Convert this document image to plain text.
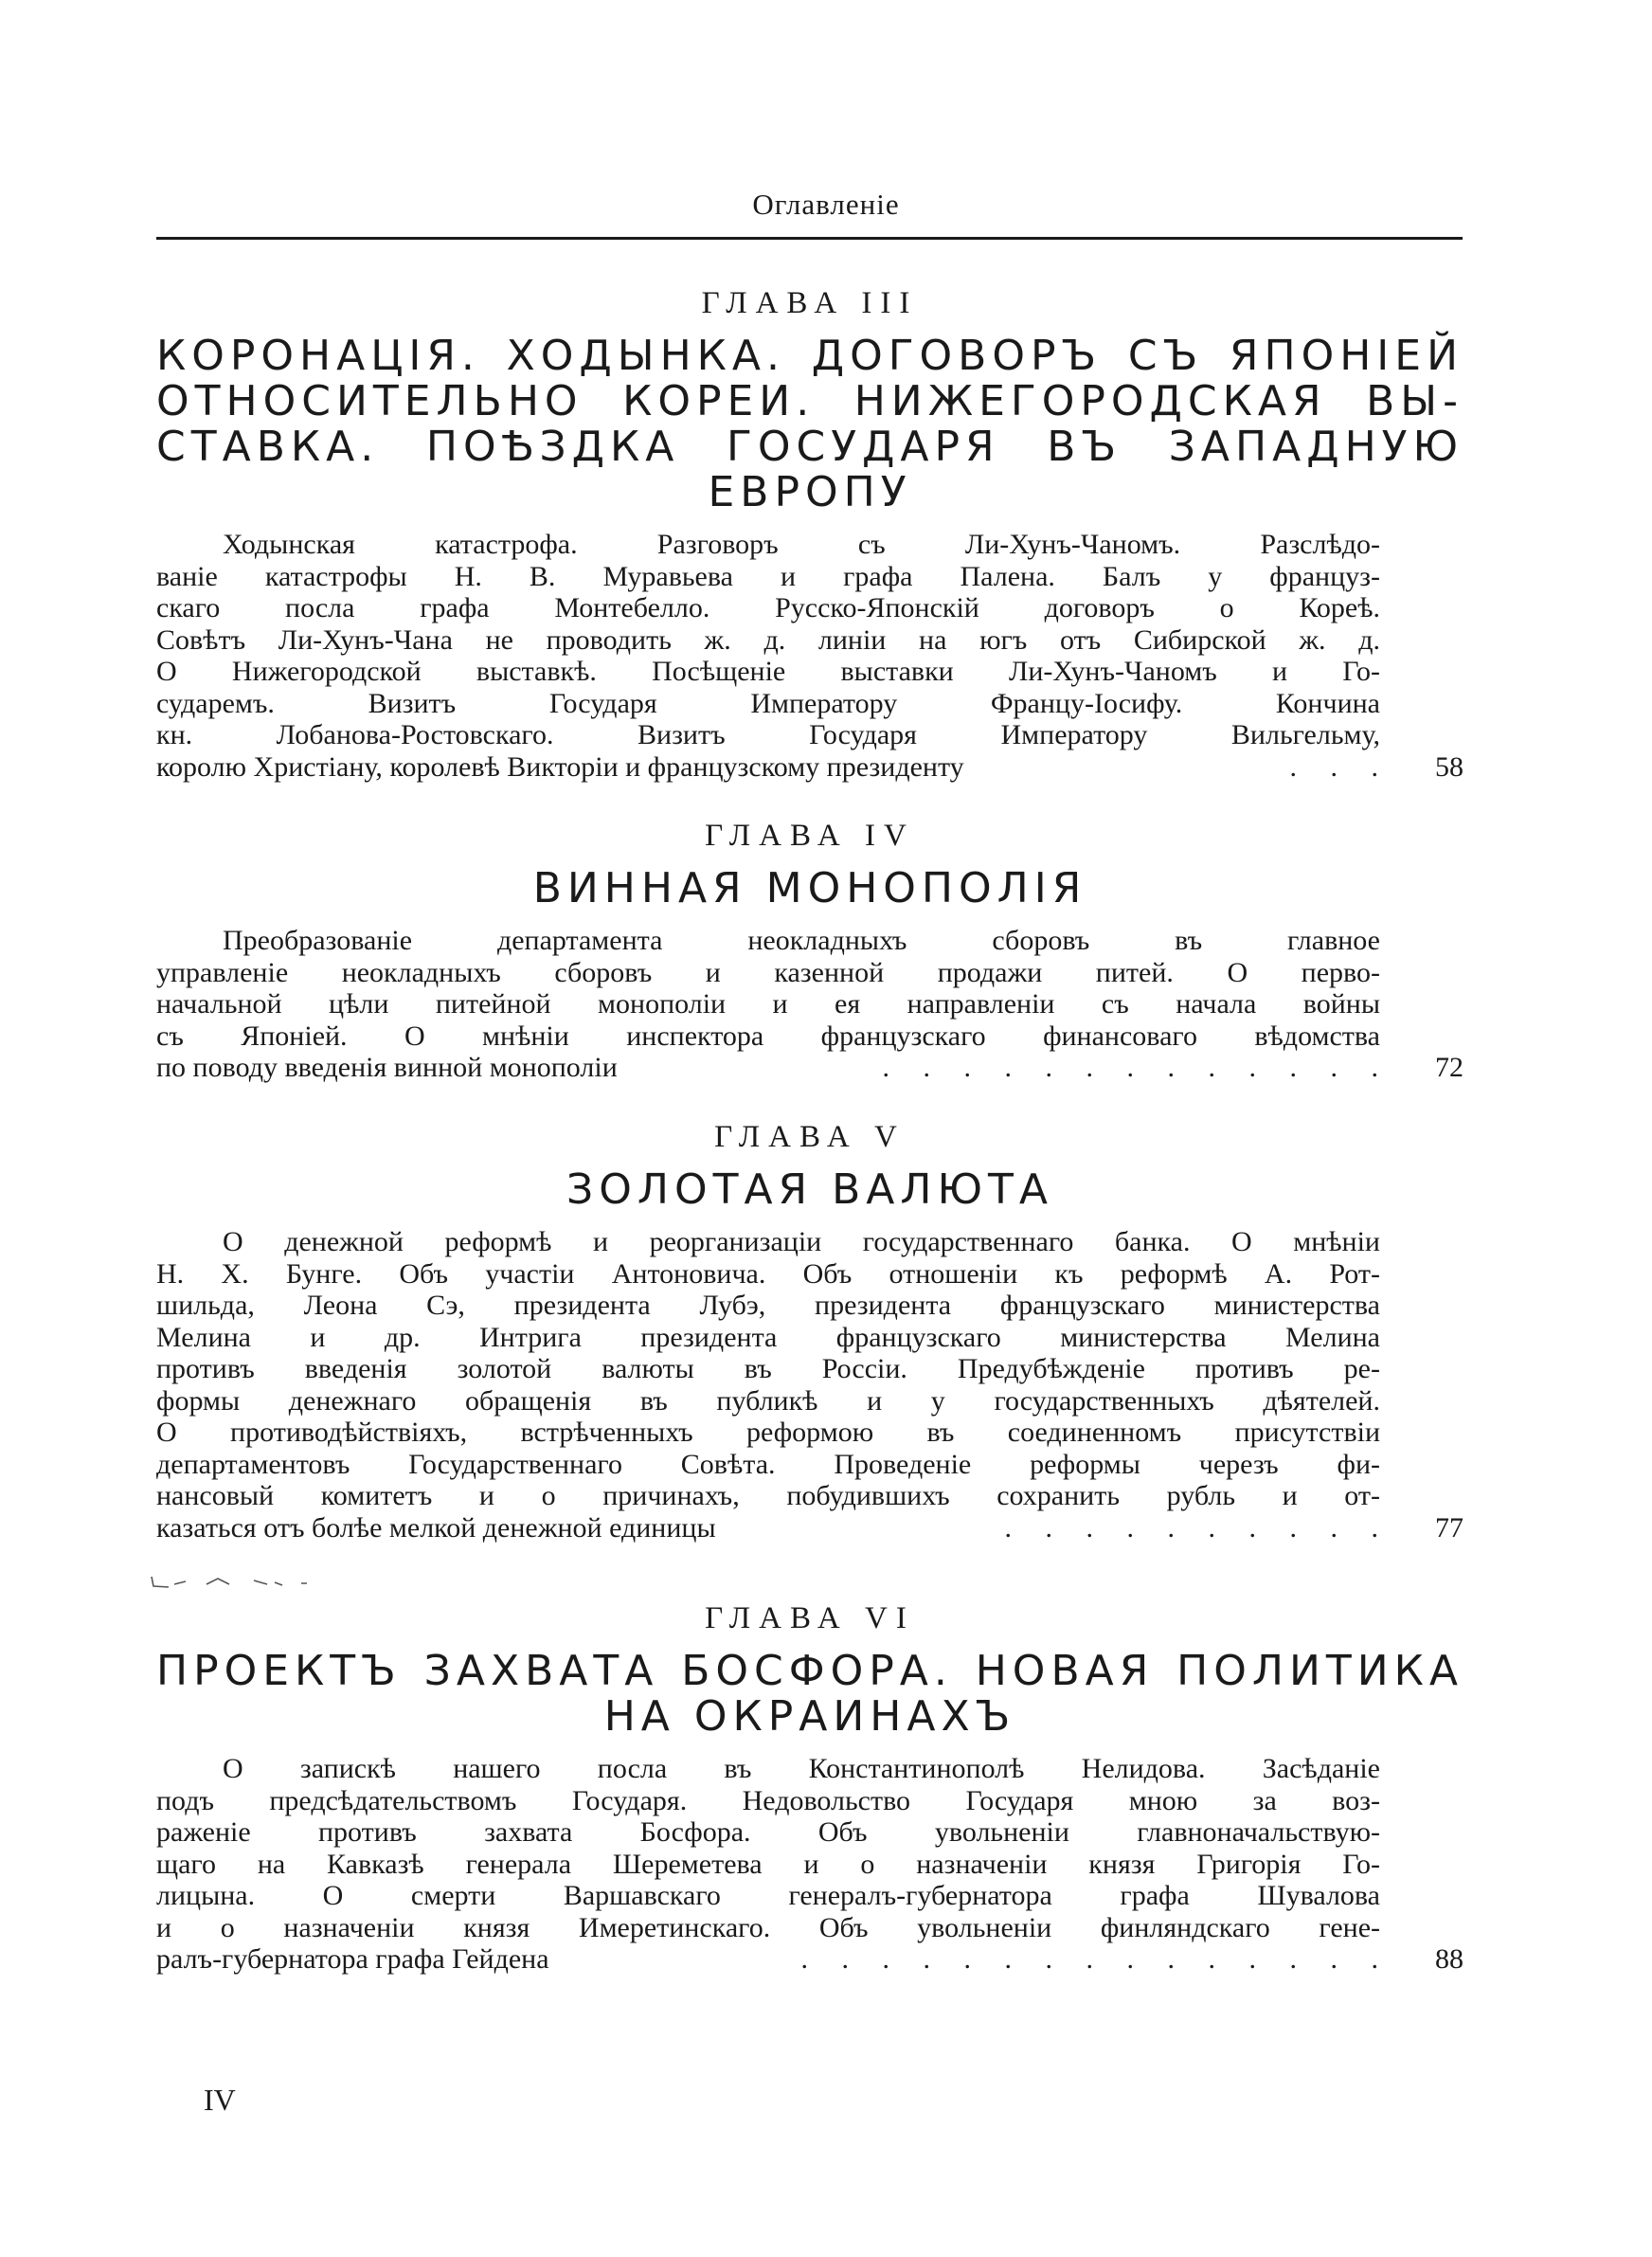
Оглавленіе
ГЛАВА III
КОРОНАЦІЯ. ХОДЫНКА. ДОГОВОРЪ СЪ ЯПОНІЕЙ
ОТНОСИТЕЛЬНО КОРЕИ. НИЖЕГОРОДСКАЯ ВЫ-
СТАВКА. ПОѢЗДКА ГОСУДАРЯ ВЪ ЗАПАДНУЮ
ЕВРОПУ
Ходынская катастрофа. Разговоръ съ Ли-Хунъ-Чаномъ. Разслѣдо-
ваніе катастрофы Н. В. Муравьева и графа Палена. Балъ у француз-
скаго посла графа Монтебелло. Русско-Японскій договоръ о Кореѣ.
Совѣтъ Ли-Хунъ-Чана не проводить ж. д. линіи на югъ отъ Сибирской ж. д.
О Нижегородской выставкѣ. Посѣщеніе выставки Ли-Хунъ-Чаномъ и Го-
сударемъ. Визитъ Государя Императору Францу-Іосифу. Кончина
кн. Лобанова-Ростовскаго. Визитъ Государя Императору Вильгельму,
королю Христіану, королевѣ Викторіи и французскому президенту	. . .	58
ГЛАВА IV
ВИННАЯ МОНОПОЛІЯ
Преобразованіе департамента неокладныхъ сборовъ въ главное
управленіе неокладныхъ сборовъ и казенной продажи питей. О перво-
начальной цѣли питейной монополіи и ея направленіи съ начала войны
съ Японіей. О мнѣніи инспектора французскаго финансоваго вѣдомства
по поводу введенія винной монополіи	. . . . . . . . . . . . .	72
ГЛАВА V
ЗОЛОТАЯ ВАЛЮТА
О денежной реформѣ и реорганизаціи государственнаго банка. О мнѣніи
Н. Х. Бунге. Объ участіи Антоновича. Объ отношеніи къ реформѣ А. Рот-
шильда, Леона Сэ, президента Лубэ, президента французскаго министерства
Мелина и др. Интрига президента французскаго министерства Мелина
противъ введенія золотой валюты въ Россіи. Предубѣжденіе противъ ре-
формы денежнаго обращенія въ публикѣ и у государственныхъ дѣятелей.
О противодѣйствіяхъ, встрѣченныхъ реформою въ соединенномъ присутствіи
департаментовъ Государственнаго Совѣта. Проведеніе реформы черезъ фи-
нансовый комитетъ и о причинахъ, побудившихъ сохранить рубль и от-
казаться отъ болѣе мелкой денежной единицы	. . . . . . . . . .	77
ГЛАВА VI
ПРОЕКТЪ ЗАХВАТА БОСФОРА. НОВАЯ ПОЛИТИКА
НА ОКРАИНАХЪ
О запискѣ нашего посла въ Константинополѣ Нелидова. Засѣданіе
подъ предсѣдательствомъ Государя. Недовольство Государя мною за воз-
раженіе противъ захвата Босфора. Объ увольненіи главноначальствую-
щаго на Кавказѣ генерала Шереметева и о назначеніи князя Григорія Го-
лицына. О смерти Варшавскаго генералъ-губернатора графа Шувалова
и о назначеніи князя Имеретинскаго. Объ увольненіи финляндскаго гене-
ралъ-губернатора графа Гейдена	. . . . . . . . . . . . . . .	88
IV
